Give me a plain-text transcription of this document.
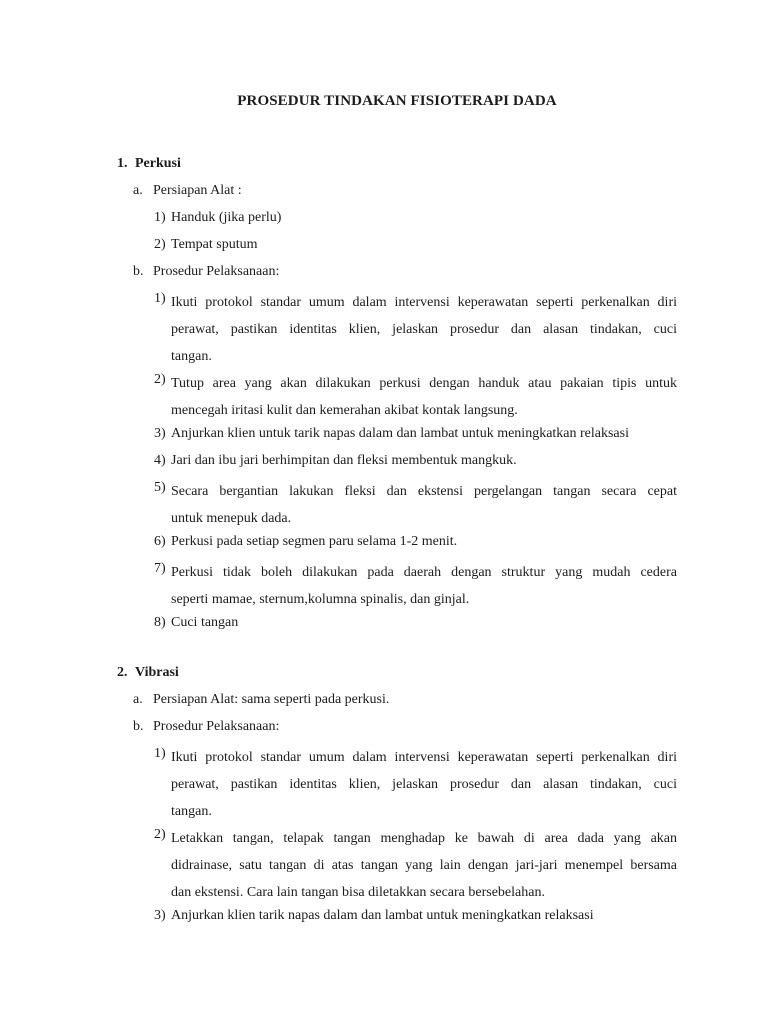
PROSEDUR TINDAKAN FISIOTERAPI DADA
1. Perkusi
a. Persiapan Alat :
1) Handuk (jika perlu)
2) Tempat sputum
b. Prosedur Pelaksanaan:
1) Ikuti protokol standar umum dalam intervensi keperawatan seperti perkenalkan diri
perawat, pastikan identitas klien, jelaskan prosedur dan alasan tindakan, cuci
tangan.
2) Tutup area yang akan dilakukan perkusi dengan handuk atau pakaian tipis untuk
mencegah iritasi kulit dan kemerahan akibat kontak langsung.
3) Anjurkan klien untuk tarik napas dalam dan lambat untuk meningkatkan relaksasi
4) Jari dan ibu jari berhimpitan dan fleksi membentuk mangkuk.
5) Secara bergantian lakukan fleksi dan ekstensi pergelangan tangan secara cepat
untuk menepuk dada.
6) Perkusi pada setiap segmen paru selama 1-2 menit.
7) Perkusi tidak boleh dilakukan pada daerah dengan struktur yang mudah cedera
seperti mamae, sternum,kolumna spinalis, dan ginjal.
8) Cuci tangan
2. Vibrasi
a. Persiapan Alat: sama seperti pada perkusi.
b. Prosedur Pelaksanaan:
1) Ikuti protokol standar umum dalam intervensi keperawatan seperti perkenalkan diri
perawat, pastikan identitas klien, jelaskan prosedur dan alasan tindakan, cuci
tangan.
2) Letakkan tangan, telapak tangan menghadap ke bawah di area dada yang akan
didrainase, satu tangan di atas tangan yang lain dengan jari-jari menempel bersama
dan ekstensi. Cara lain tangan bisa diletakkan secara bersebelahan.
3) Anjurkan klien tarik napas dalam dan lambat untuk meningkatkan relaksasi
